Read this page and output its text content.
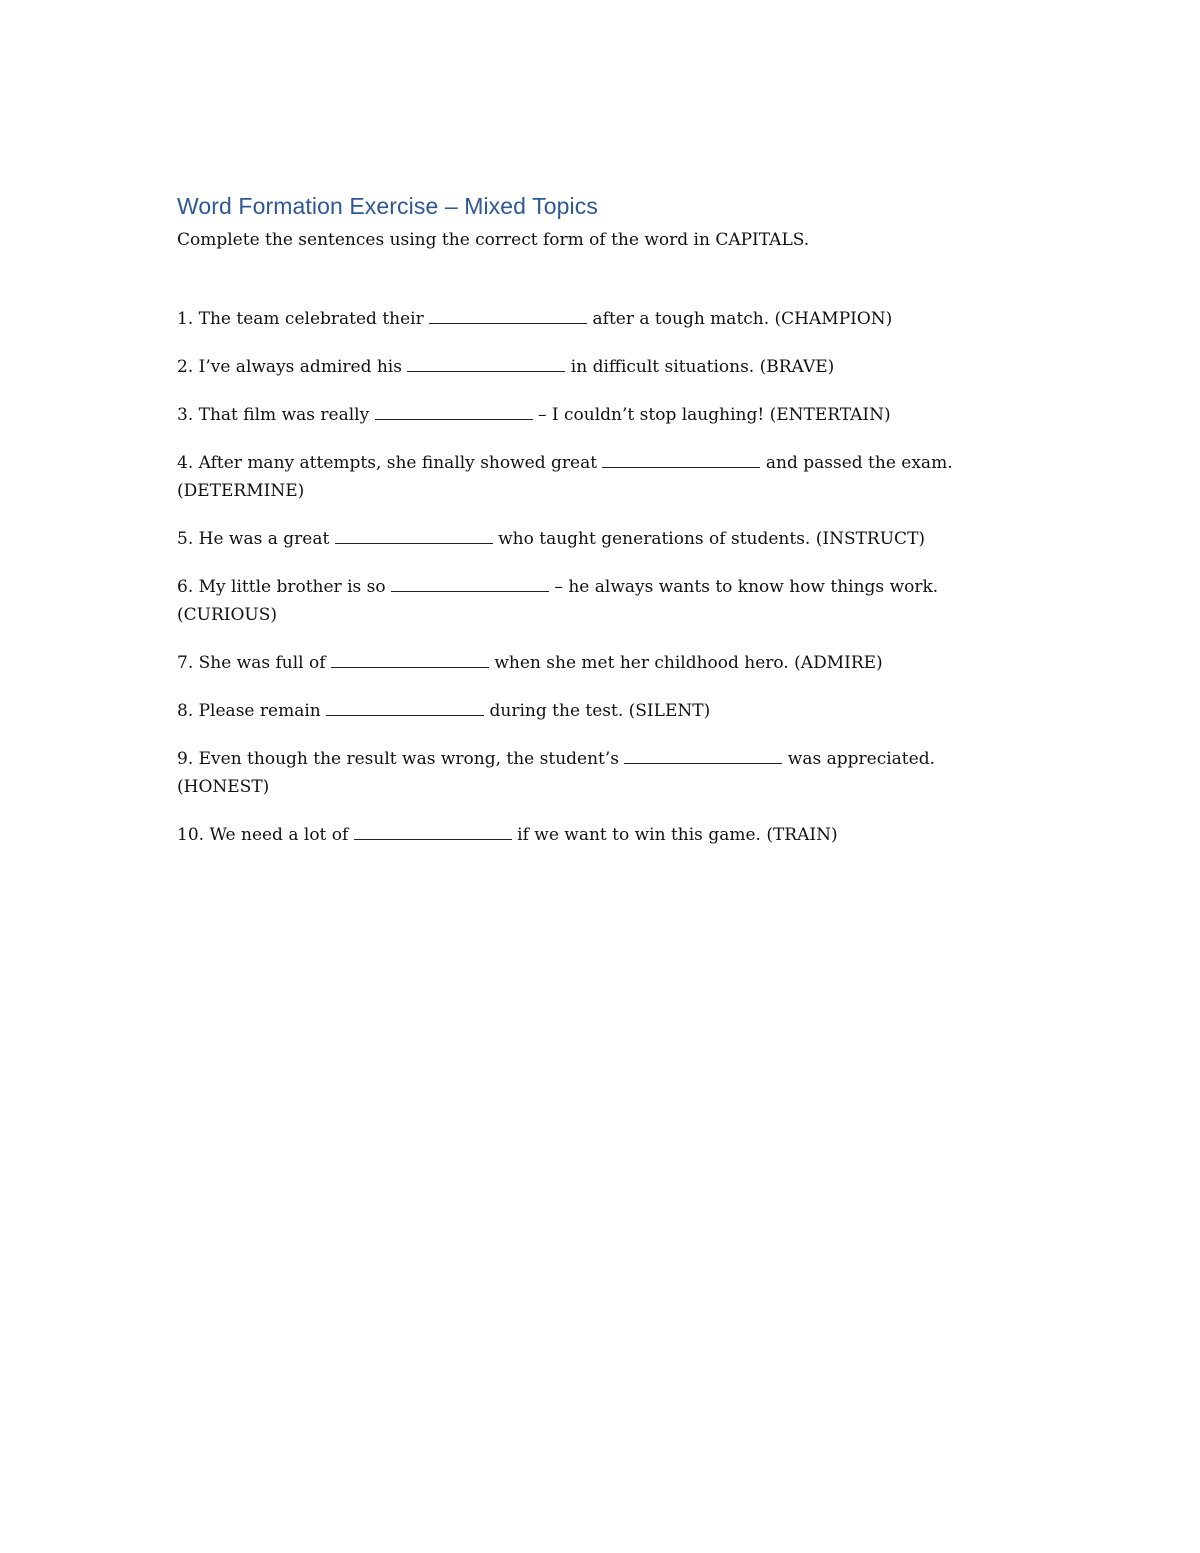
Word Formation Exercise – Mixed Topics

Complete the sentences using the correct form of the word in CAPITALS.

1. The team celebrated their	after a tough match. (CHAMPION)
2. I’ve always admired his	in difficult situations. (BRAVE)
3. That film was really	– I couldn’t stop laughing! (ENTERTAIN)
4. After many attempts, she finally showed great	and passed the exam. (DETERMINE)
5. He was a great	who taught generations of students. (INSTRUCT)
6. My little brother is so	– he always wants to know how things work. (CURIOUS)
7. She was full of	when she met her childhood hero. (ADMIRE)
8. Please remain	during the test. (SILENT)
9. Even though the result was wrong, the student’s	was appreciated. (HONEST)
10. We need a lot of	if we want to win this game. (TRAIN)
